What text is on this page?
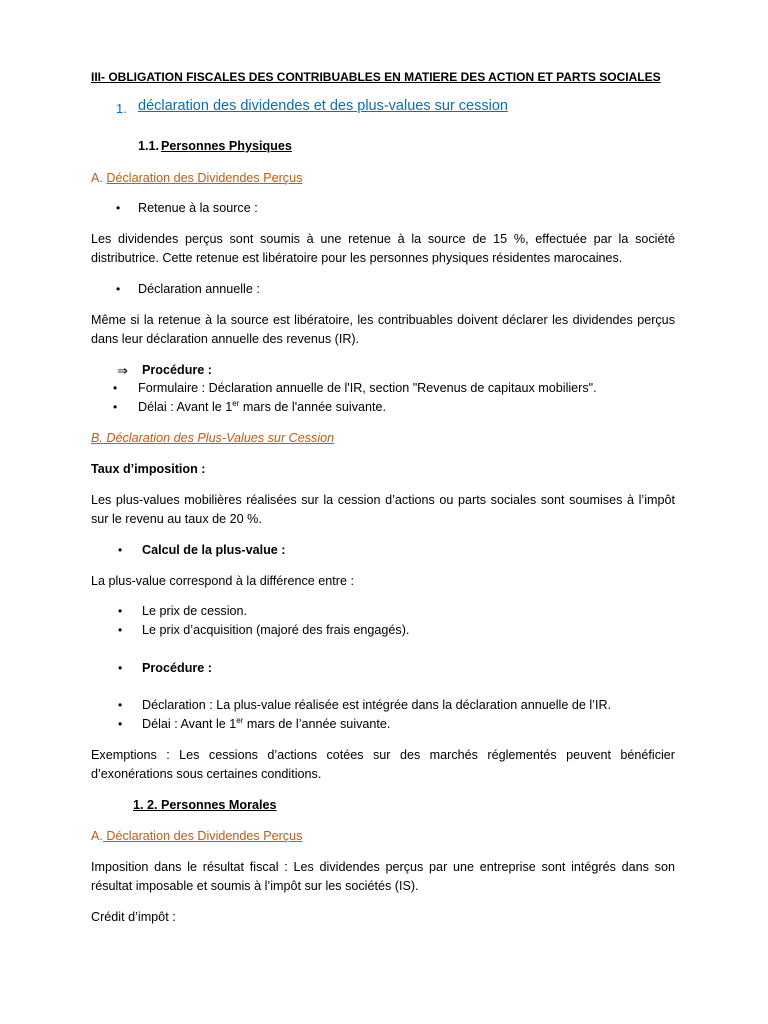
III- OBLIGATION FISCALES DES CONTRIBUABLES EN MATIERE DES ACTION ET PARTS SOCIALES

1. déclaration des dividendes et des plus-values sur cession
1.1. Personnes Physiques

A. Déclaration des Dividendes Perçus

• Retenue à la source :

Les dividendes perçus sont soumis à une retenue à la source de 15 %, effectuée par la société distributrice. Cette retenue est libératoire pour les personnes physiques résidentes marocaines.

• Déclaration annuelle :

Même si la retenue à la source est libératoire, les contribuables doivent déclarer les dividendes perçus dans leur déclaration annuelle des revenus (IR).

⇒ Procédure :
• Formulaire : Déclaration annuelle de l'IR, section "Revenus de capitaux mobiliers".
• Délai : Avant le 1er mars de l'année suivante.

B. Déclaration des Plus-Values sur Cession

Taux d’imposition :

Les plus-values mobilières réalisées sur la cession d’actions ou parts sociales sont soumises à l’impôt sur le revenu au taux de 20 %.

• Calcul de la plus-value :

La plus-value correspond à la différence entre :

• Le prix de cession.
• Le prix d’acquisition (majoré des frais engagés).
• Procédure :
• Déclaration : La plus-value réalisée est intégrée dans la déclaration annuelle de l’IR.
• Délai : Avant le 1er mars de l’année suivante.

Exemptions : Les cessions d’actions cotées sur des marchés réglementés peuvent bénéficier d’exonérations sous certaines conditions.

1. 2. Personnes Morales

A. Déclaration des Dividendes Perçus

Imposition dans le résultat fiscal : Les dividendes perçus par une entreprise sont intégrés dans son résultat imposable et soumis à l’impôt sur les sociétés (IS).

Crédit d’impôt :
